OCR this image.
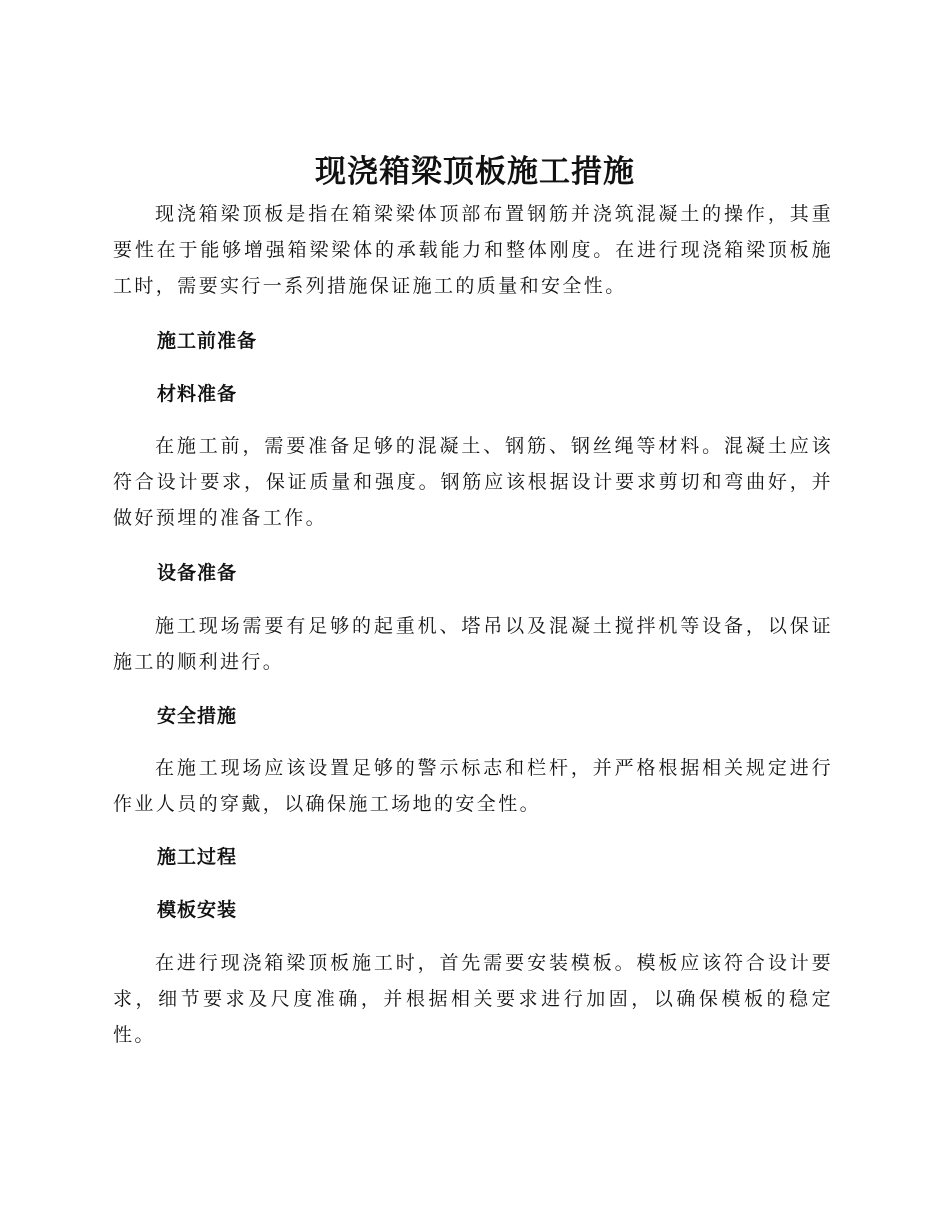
现浇箱梁顶板施工措施

现浇箱梁顶板是指在箱梁梁体顶部布置钢筋并浇筑混凝土的操作，其重要性在于能够增强箱梁梁体的承载能力和整体刚度。在进行现浇箱梁顶板施工时，需要实行一系列措施保证施工的质量和安全性。

施工前准备

材料准备

在施工前，需要准备足够的混凝土、钢筋、钢丝绳等材料。混凝土应该符合设计要求，保证质量和强度。钢筋应该根据设计要求剪切和弯曲好，并做好预埋的准备工作。

设备准备

施工现场需要有足够的起重机、塔吊以及混凝土搅拌机等设备，以保证施工的顺利进行。

安全措施

在施工现场应该设置足够的警示标志和栏杆，并严格根据相关规定进行作业人员的穿戴，以确保施工场地的安全性。

施工过程

模板安装

在进行现浇箱梁顶板施工时，首先需要安装模板。模板应该符合设计要求，细节要求及尺度准确，并根据相关要求进行加固，以确保模板的稳定性。
